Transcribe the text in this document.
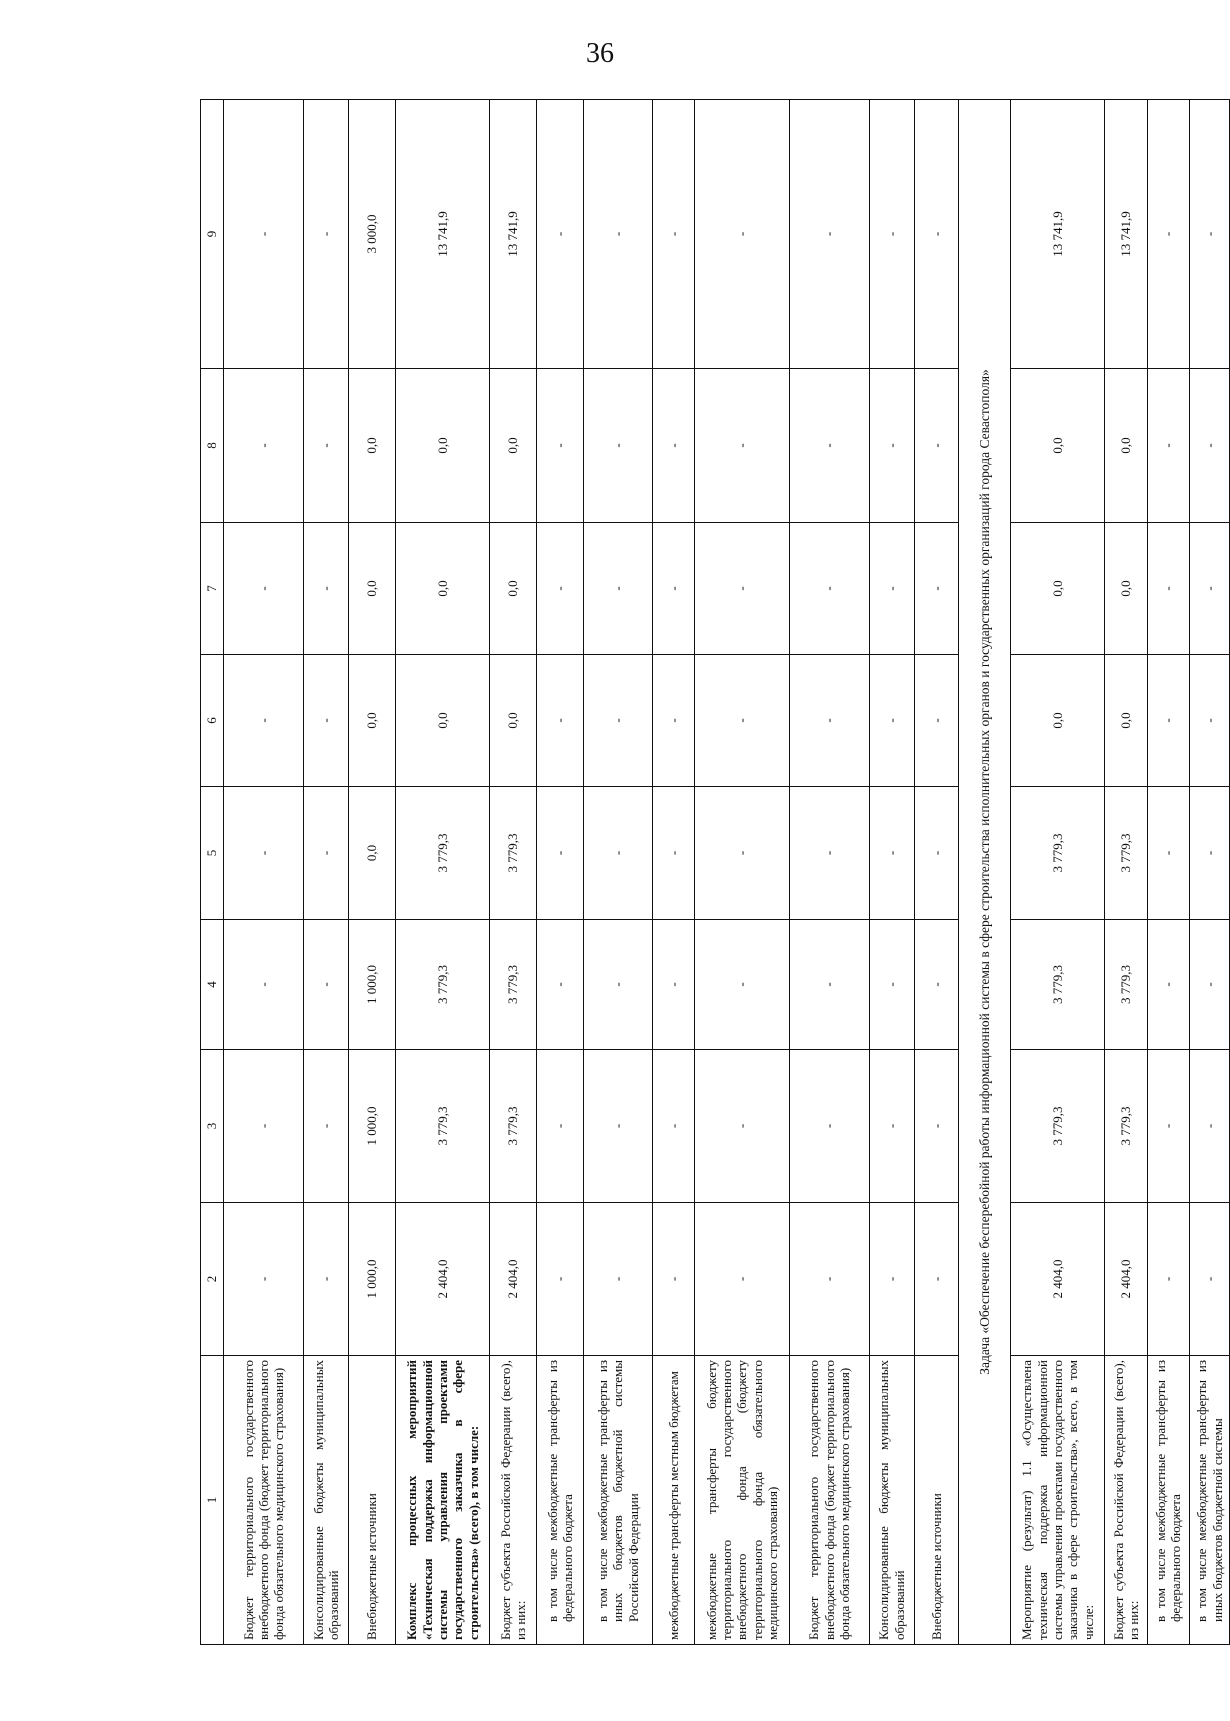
36
1	2	3	4	5	6	7	8	9
Бюджет территориального государственного внебюджетного фонда (бюджет территориального фонда обязательного медицинского страхования)	-	-	-	-	-	-	-	-
Консолидированные бюджеты муниципальных образований	-	-	-	-	-	-	-	-
Внебюджетные источники	1 000,0	1 000,0	1 000,0	0,0	0,0	0,0	0,0	3 000,0
Комплекс процессных мероприятий «Техническая поддержка информационной системы управления проектами государственного заказчика в сфере строительства» (всего), в том числе:	2 404,0	3 779,3	3 779,3	3 779,3	0,0	0,0	0,0	13 741,9
Бюджет субъекта Российской Федерации (всего), из них:	2 404,0	3 779,3	3 779,3	3 779,3	0,0	0,0	0,0	13 741,9
в том числе межбюджетные трансферты из федерального бюджета	-	-	-	-	-	-	-	-
в том числе межбюджетные трансферты из иных бюджетов бюджетной системы Российской Федерации	-	-	-	-	-	-	-	-
межбюджетные трансферты местным бюджетам	-	-	-	-	-	-	-	-
межбюджетные трансферты бюджету территориального государственного внебюджетного фонда (бюджету территориального фонда обязательного медицинского страхования)	-	-	-	-	-	-	-	-
Бюджет территориального государственного внебюджетного фонда (бюджет территориального фонда обязательного медицинского страхования)	-	-	-	-	-	-	-	-
Консолидированные бюджеты муниципальных образований	-	-	-	-	-	-	-	-
Внебюджетные источники	-	-	-	-	-	-	-	-
Задача «Обеспечение бесперебойной работы информационной системы в сфере строительства исполнительных органов и государственных организаций города Севастополя»								
Мероприятие (результат) 1.1 «Осуществлена техническая поддержка информационной системы управления проектами государственного заказчика в сфере строительства», всего, в том числе:	2 404,0	3 779,3	3 779,3	3 779,3	0,0	0,0	0,0	13 741,9
Бюджет субъекта Российской Федерации (всего), из них:	2 404,0	3 779,3	3 779,3	3 779,3	0,0	0,0	0,0	13 741,9
в том числе межбюджетные трансферты из федерального бюджета	-	-	-	-	-	-	-	-
в том числе межбюджетные трансферты из иных бюджетов бюджетной системы	-	-	-	-	-	-	-	-
